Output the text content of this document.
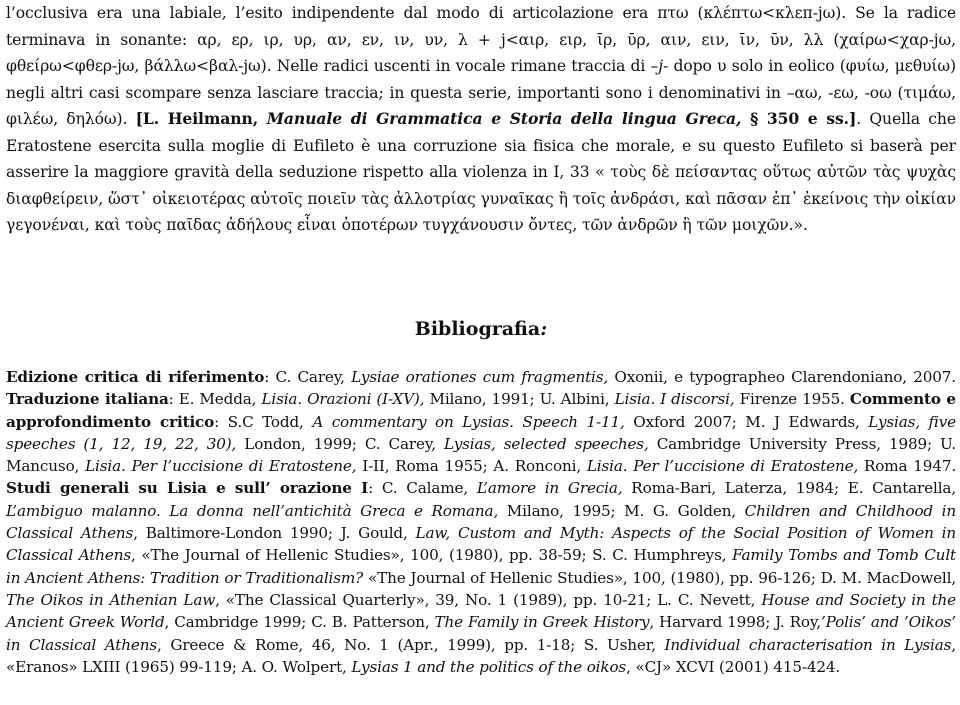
l’occlusiva era una labiale, l’esito indipendente dal modo di articolazione era πτω (κλέπτω<κλεπ-jω). Se la radice terminava in sonante: αρ, ερ, ιρ, υρ, αν, εν, ιν, υν, λ + j<αιρ, ειρ, ῑρ, ῡρ, αιν, ειν, ῑν, ῡν, λλ (χαίρω<χαρ-jω, φθείρω<φθερ-jω, βάλλω<βαλ-jω). Nelle radici uscenti in vocale rimane traccia di –j- dopo υ solo in eolico (φυίω, μεθυίω) negli altri casi scompare senza lasciare traccia; in questa serie, importanti sono i denominativi in –αω, -εω, -οω (τιμάω, φιλέω, δηλόω). [L. Heilmann, Manuale di Grammatica e Storia della lingua Greca, § 350 e ss.]. Quella che Eratostene esercita sulla moglie di Eufileto è una corruzione sia fisica che morale, e su questo Eufileto si baserà per asserire la maggiore gravità della seduzione rispetto alla violenza in I, 33 « τοὺς δὲ πείσαντας οὕτως αὐτῶν τὰς ψυχὰς διαφθείρειν, ὥστ᾽ οἰκειοτέρας αὐτοῖς ποιεῖν τὰς ἀλλοτρίας γυναῖκας ἢ τοῖς ἀνδράσι, καὶ πᾶσαν ἐπ᾽ ἐκείνοις τὴν οἰκίαν γεγονέναι, καὶ τοὺς παῖδας ἀδήλους εἶναι ὁποτέρων τυγχάνουσιν ὄντες, τῶν ἀνδρῶν ἢ τῶν μοιχῶν.».

Bibliografia:

Edizione critica di riferimento: C. Carey, Lysiae orationes cum fragmentis, Oxonii, e typographeo Clarendoniano, 2007. Traduzione italiana: E. Medda, Lisia. Orazioni (I-XV), Milano, 1991; U. Albini, Lisia. I discorsi, Firenze 1955. Commento e approfondimento critico: S.C Todd, A commentary on Lysias. Speech 1-11, Oxford 2007; M. J Edwards, Lysias, five speeches (1, 12, 19, 22, 30), London, 1999; C. Carey, Lysias, selected speeches, Cambridge University Press, 1989; U. Mancuso, Lisia. Per l’uccisione di Eratostene, I-II, Roma 1955; A. Ronconi, Lisia. Per l’uccisione di Eratostene, Roma 1947. Studi generali su Lisia e sull’ orazione I: C. Calame, L’amore in Grecia, Roma-Bari, Laterza, 1984; E. Cantarella, L’ambiguo malanno. La donna nell’antichità Greca e Romana, Milano, 1995; M. G. Golden, Children and Childhood in Classical Athens, Baltimore-London 1990; J. Gould, Law, Custom and Myth: Aspects of the Social Position of Women in Classical Athens, «The Journal of Hellenic Studies», 100, (1980), pp. 38-59; S. C. Humphreys, Family Tombs and Tomb Cult in Ancient Athens: Tradition or Traditionalism? «The Journal of Hellenic Studies», 100, (1980), pp. 96-126; D. M. MacDowell, The Oikos in Athenian Law, «The Classical Quarterly», 39, No. 1 (1989), pp. 10-21; L. C. Nevett, House and Society in the Ancient Greek World, Cambridge 1999; C. B. Patterson, The Family in Greek History, Harvard 1998; J. Roy,’Polis’ and ’Oikos’ in Classical Athens, Greece & Rome, 46, No. 1 (Apr., 1999), pp. 1-18; S. Usher, Individual characterisation in Lysias, «Eranos» LXIII (1965) 99-119; A. O. Wolpert, Lysias 1 and the politics of the oikos, «CJ» XCVI (2001) 415-424.
